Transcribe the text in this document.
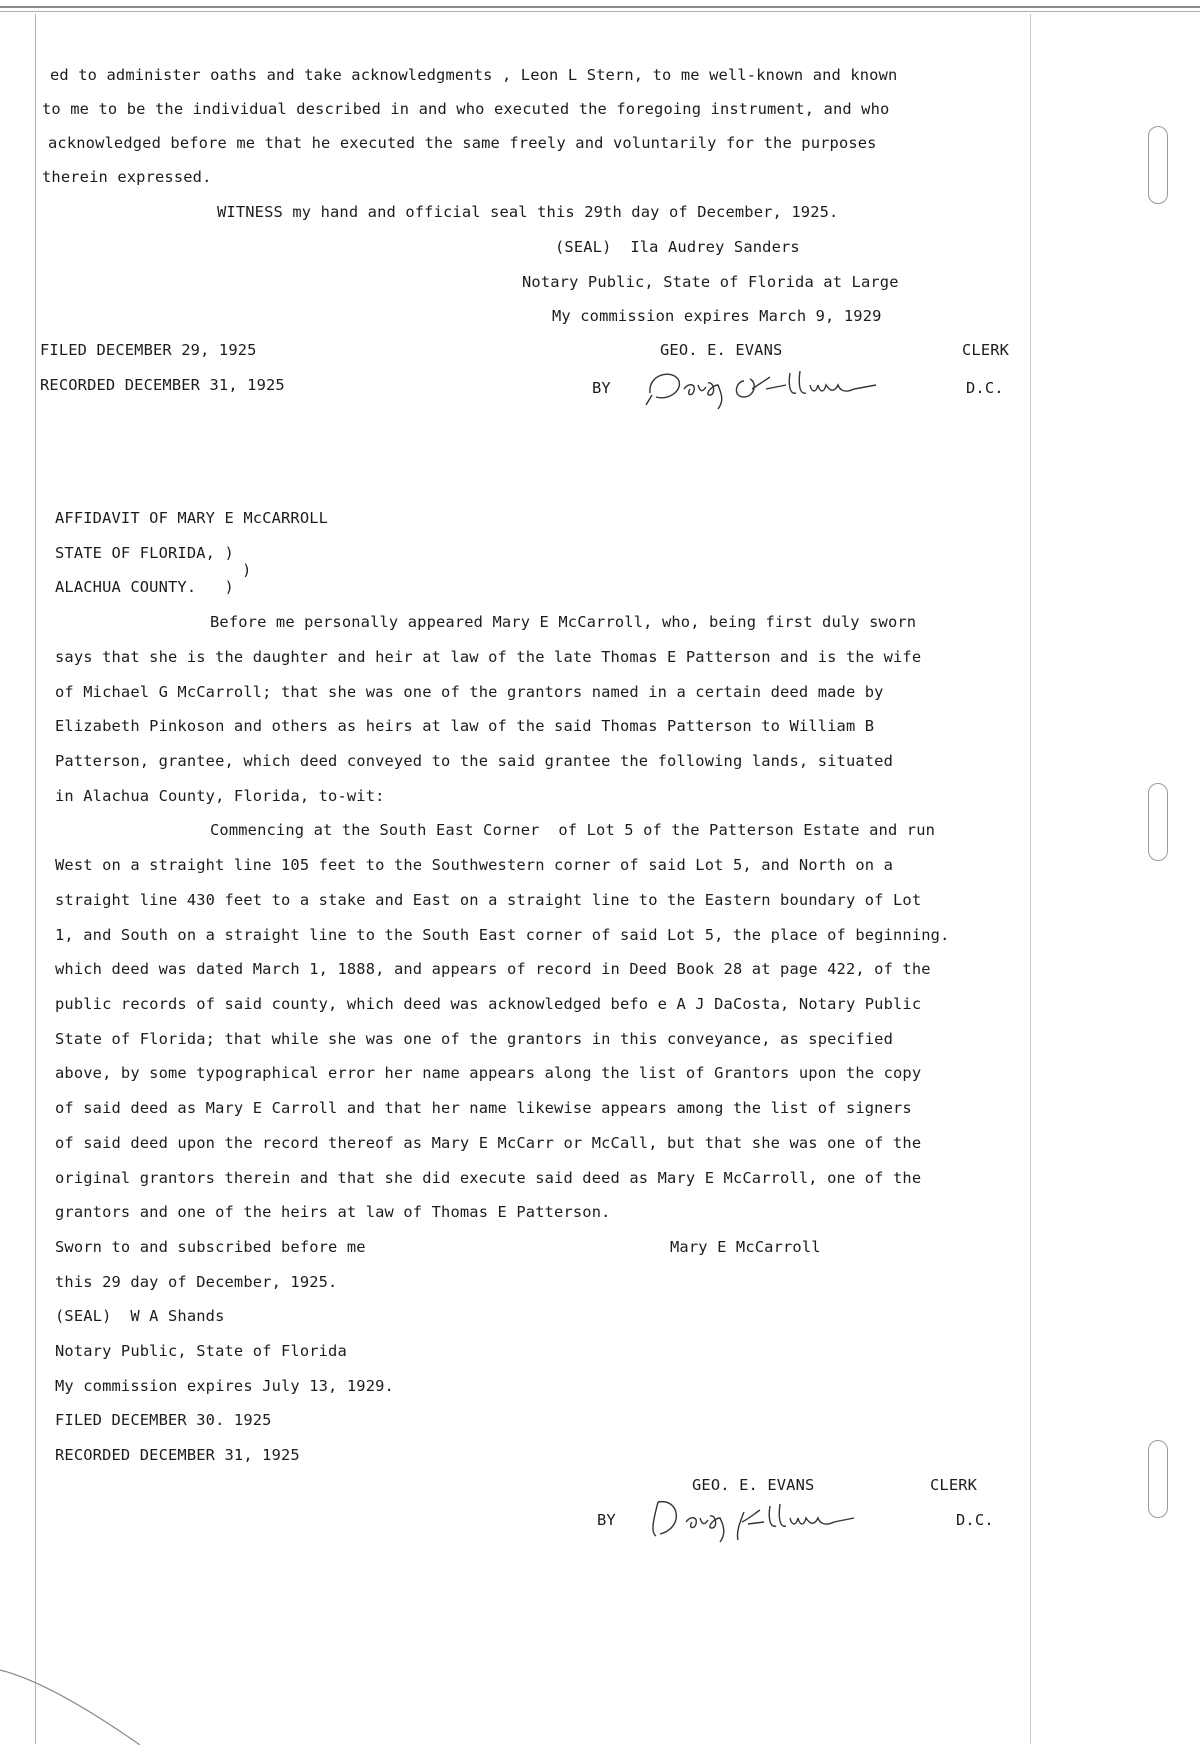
ed to administer oaths and take acknowledgments , Leon L Stern, to me well-known and known
to me to be the individual described in and who executed the foregoing instrument, and who
acknowledged before me that he executed the same freely and voluntarily for the purposes
therein expressed.
WITNESS my hand and official seal this 29th day of December, 1925.
(SEAL)  Ila Audrey Sanders
Notary Public, State of Florida at Large
My commission expires March 9, 1929
FILED DECEMBER 29, 1925
RECORDED DECEMBER 31, 1925
GEO. E. EVANS	CLERK
BY	D.C.
AFFIDAVIT OF MARY E McCARROLL
STATE OF FLORIDA, )
)
ALACHUA COUNTY.   )
Before me personally appeared Mary E McCarroll, who, being first duly sworn
says that she is the daughter and heir at law of the late Thomas E Patterson and is the wife
of Michael G McCarroll; that she was one of the grantors named in a certain deed made by
Elizabeth Pinkoson and others as heirs at law of the said Thomas Patterson to William B
Patterson, grantee, which deed conveyed to the said grantee the following lands, situated
in Alachua County, Florida, to-wit:
Commencing at the South East Corner  of Lot 5 of the Patterson Estate and run
West on a straight line 105 feet to the Southwestern corner of said Lot 5, and North on a
straight line 430 feet to a stake and East on a straight line to the Eastern boundary of Lot
1, and South on a straight line to the South East corner of said Lot 5, the place of beginning.
which deed was dated March 1, 1888, and appears of record in Deed Book 28 at page 422, of the
public records of said county, which deed was acknowledged befo e A J DaCosta, Notary Public
State of Florida; that while she was one of the grantors in this conveyance, as specified
above, by some typographical error her name appears along the list of Grantors upon the copy
of said deed as Mary E Carroll and that her name likewise appears among the list of signers
of said deed upon the record thereof as Mary E McCarr or McCall, but that she was one of the
original grantors therein and that she did execute said deed as Mary E McCarroll, one of the
grantors and one of the heirs at law of Thomas E Patterson.
Sworn to and subscribed before me	Mary E McCarroll
this 29 day of December, 1925.
(SEAL)  W A Shands
Notary Public, State of Florida
My commission expires July 13, 1929.
FILED DECEMBER 30. 1925
RECORDED DECEMBER 31, 1925
GEO. E. EVANS	CLERK
BY	D.C.
